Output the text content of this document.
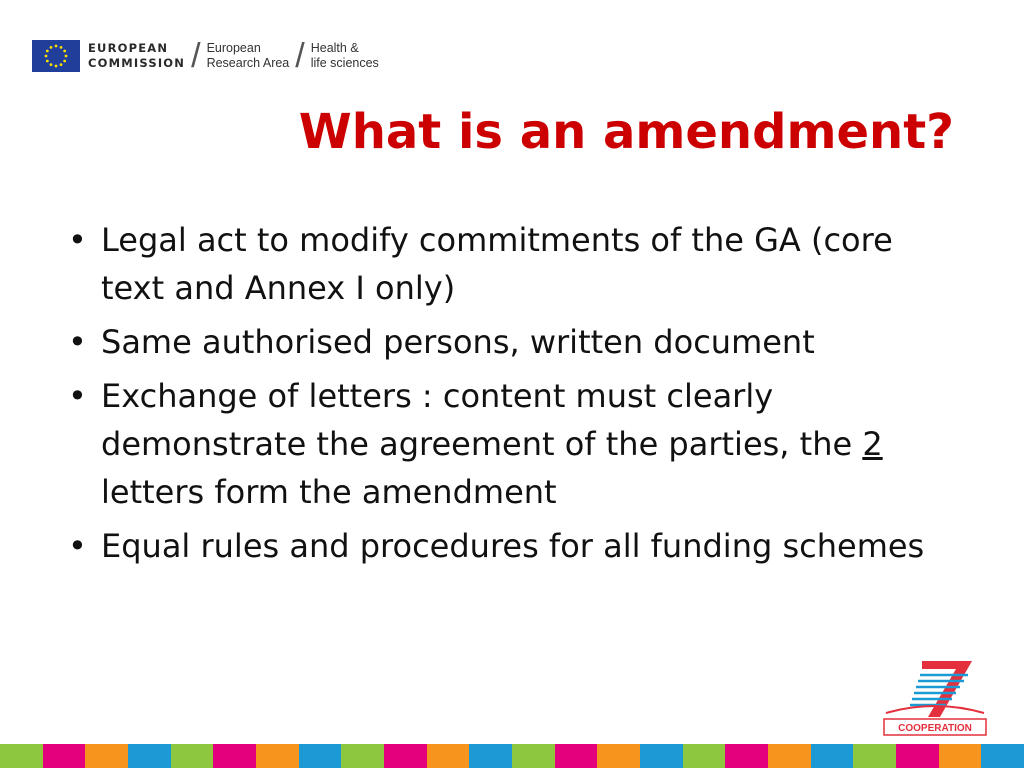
EUROPEAN
COMMISSION / European
Research Area / Health &
life sciences
What is an amendment?
• Legal act to modify commitments of the GA (core text and Annex I only)
• Same authorised persons, written document
• Exchange of letters : content must clearly demonstrate the agreement of the parties, the 2 letters form the amendment
• Equal rules and procedures for all funding schemes
COOPERATION
